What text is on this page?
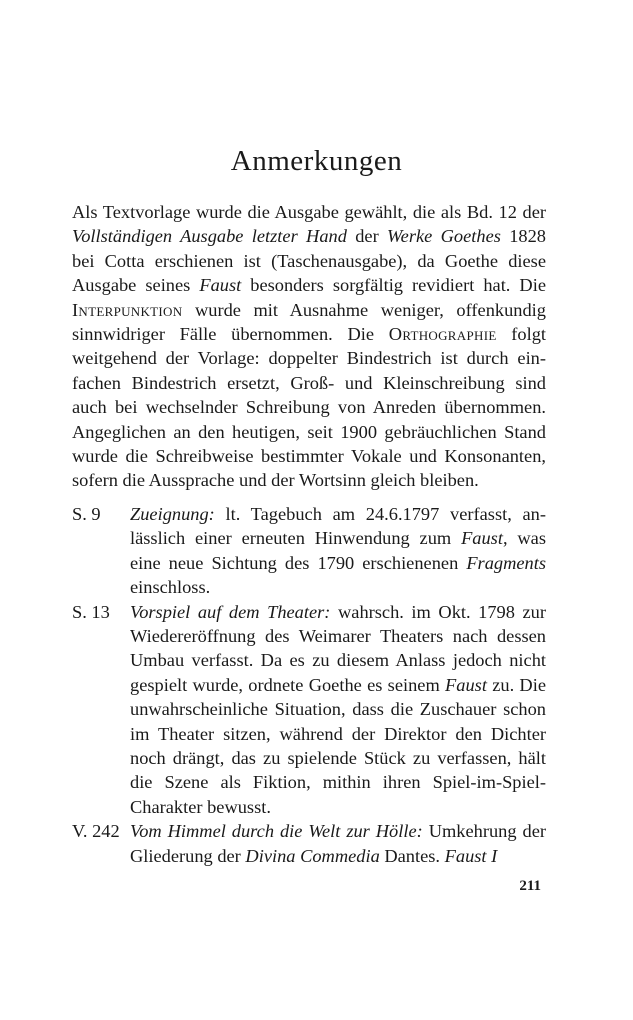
Anmerkungen
Als Textvorlage wurde die Ausgabe gewählt, die als Bd. 12 der Vollständigen Ausgabe letzter Hand der Werke Goethes 1828 bei Cotta erschienen ist (Taschenausgabe), da Goethe diese Ausgabe seines Faust besonders sorgfältig revidiert hat. Die Interpunktion wurde mit Ausnahme weniger, offenkundig sinnwidriger Fälle übernommen. Die Orthographie folgt weitgehend der Vorlage: doppelter Bindestrich ist durch einfachen Bindestrich ersetzt, Groß- und Kleinschreibung sind auch bei wechselnder Schreibung von Anreden übernommen. Angeglichen an den heutigen, seit 1900 gebräuchlichen Stand wurde die Schreibweise bestimmter Vokale und Konsonanten, sofern die Aussprache und der Wortsinn gleich bleiben.
S. 9	Zueignung: lt. Tagebuch am 24.6.1797 verfasst, anlässlich einer erneuten Hinwendung zum Faust, was eine neue Sichtung des 1790 erschienenen Fragments einschloss.
S. 13	Vorspiel auf dem Theater: wahrsch. im Okt. 1798 zur Wiedereröffnung des Weimarer Theaters nach dessen Umbau verfasst. Da es zu diesem Anlass jedoch nicht gespielt wurde, ordnete Goethe es seinem Faust zu. Die unwahrscheinliche Situation, dass die Zuschauer schon im Theater sitzen, während der Direktor den Dichter noch drängt, das zu spielende Stück zu verfassen, hält die Szene als Fiktion, mithin ihren Spiel-im-Spiel-Charakter bewusst.
V. 242 Vom Himmel durch die Welt zur Hölle: Umkehrung der Gliederung der Divina Commedia Dantes. Faust I
211
